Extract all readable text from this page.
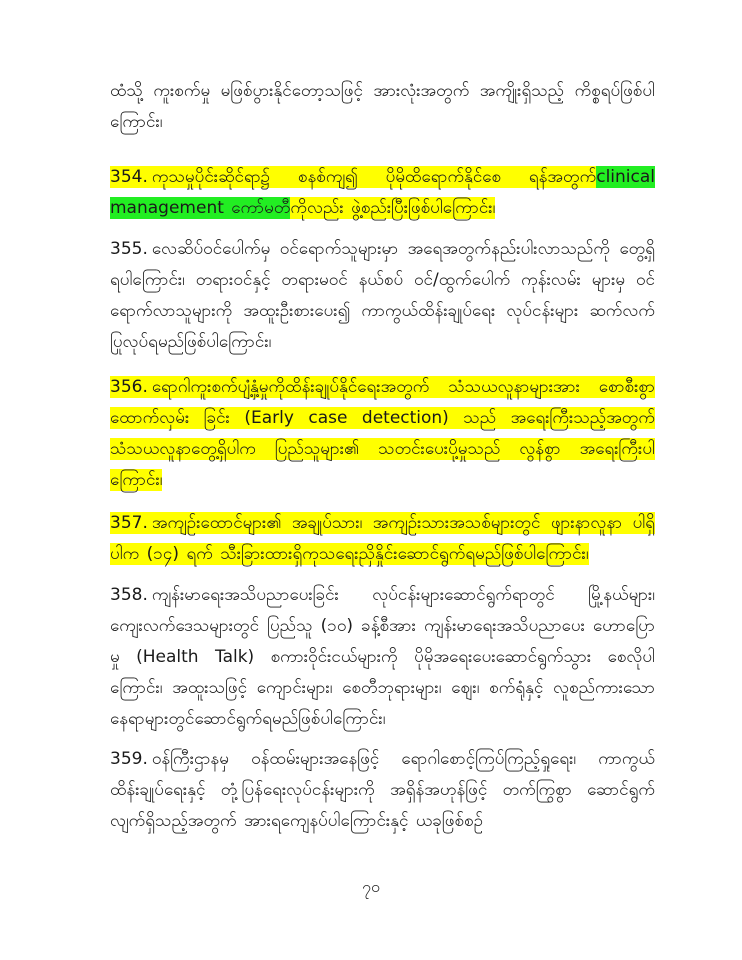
ထံသို့ ကူးစက်မှု မဖြစ်ပွားနိုင်တော့သဖြင့် အားလုံးအတွက် အကျိုးရှိသည့် ကိစ္စရပ်ဖြစ်ပါကြောင်း၊

354. ကုသမှုပိုင်းဆိုင်ရာ၌ စနစ်ကျ၍ ပိုမိုထိရောက်နိုင်စေ ရန်အတွက်clinical management ကော်မတီကိုလည်း ဖွဲ့စည်းပြီးဖြစ်ပါကြောင်း၊

355. လေဆိပ်ဝင်ပေါက်မှ ဝင်ရောက်သူများမှာ အရေအတွက်နည်းပါးလာသည်ကို တွေ့ရှိရပါကြောင်း၊ တရားဝင်နှင့် တရားမဝင် နယ်စပ် ဝင်/ထွက်ပေါက် ကုန်းလမ်း များမှ ဝင်ရောက်လာသူများကို အထူးဦးစားပေး၍ ကာကွယ်ထိန်းချုပ်ရေး လုပ်ငန်းများ ဆက်လက်ပြုလုပ်ရမည်ဖြစ်ပါကြောင်း၊

356. ရောဂါကူးစက်ပျံ့နှံ့မှုကိုထိန်းချုပ်နိုင်ရေးအတွက် သံသယလူနာများအား စောစီးစွာထောက်လှမ်း ခြင်း (Early case detection) သည် အရေးကြီးသည့်အတွက် သံသယလူနာတွေ့ရှိပါက ပြည်သူများ၏ သတင်းပေးပို့မှုသည် လွန်စွာ အရေးကြီးပါကြောင်း၊

357. အကျဉ်းထောင်များ၏ အချုပ်သား၊ အကျဉ်းသားအသစ်များတွင် ဖျားနာလူနာ ပါရှိပါက (၁၄) ရက် သီးခြားထားရှိကုသရေးညှိနှိုင်းဆောင်ရွက်ရမည်ဖြစ်ပါကြောင်း၊

358. ကျန်းမာရေးအသိပညာပေးခြင်း လုပ်ငန်းများဆောင်ရွက်ရာတွင် မြို့နယ်များ၊ ကျေးလက်ဒေသများတွင် ပြည်သူ (၁၀) ခန့်စီအား ကျန်းမာရေးအသိပညာပေး ဟောပြောမှု (Health Talk) စကားဝိုင်းငယ်များကို ပိုမိုအရေးပေးဆောင်ရွက်သွား စေလိုပါကြောင်း၊ အထူးသဖြင့် ကျောင်းများ၊ စေတီဘုရားများ၊ ဈေး၊ စက်ရုံနှင့် လူစည်ကားသောနေရာများတွင်ဆောင်ရွက်ရမည်ဖြစ်ပါကြောင်း၊

359. ဝန်ကြီးဌာနမှ ဝန်ထမ်းများအနေဖြင့် ရောဂါစောင့်ကြပ်ကြည့်ရှုရေး၊ ကာကွယ် ထိန်းချုပ်ရေးနှင့် တုံ့ပြန်ရေးလုပ်ငန်းများကို အရှိန်အဟုန်ဖြင့် တက်ကြွစွာ ဆောင်ရွက်လျက်ရှိသည့်အတွက် အားရကျေနပ်ပါကြောင်းနှင့် ယခုဖြစ်စဉ်

၇၀
